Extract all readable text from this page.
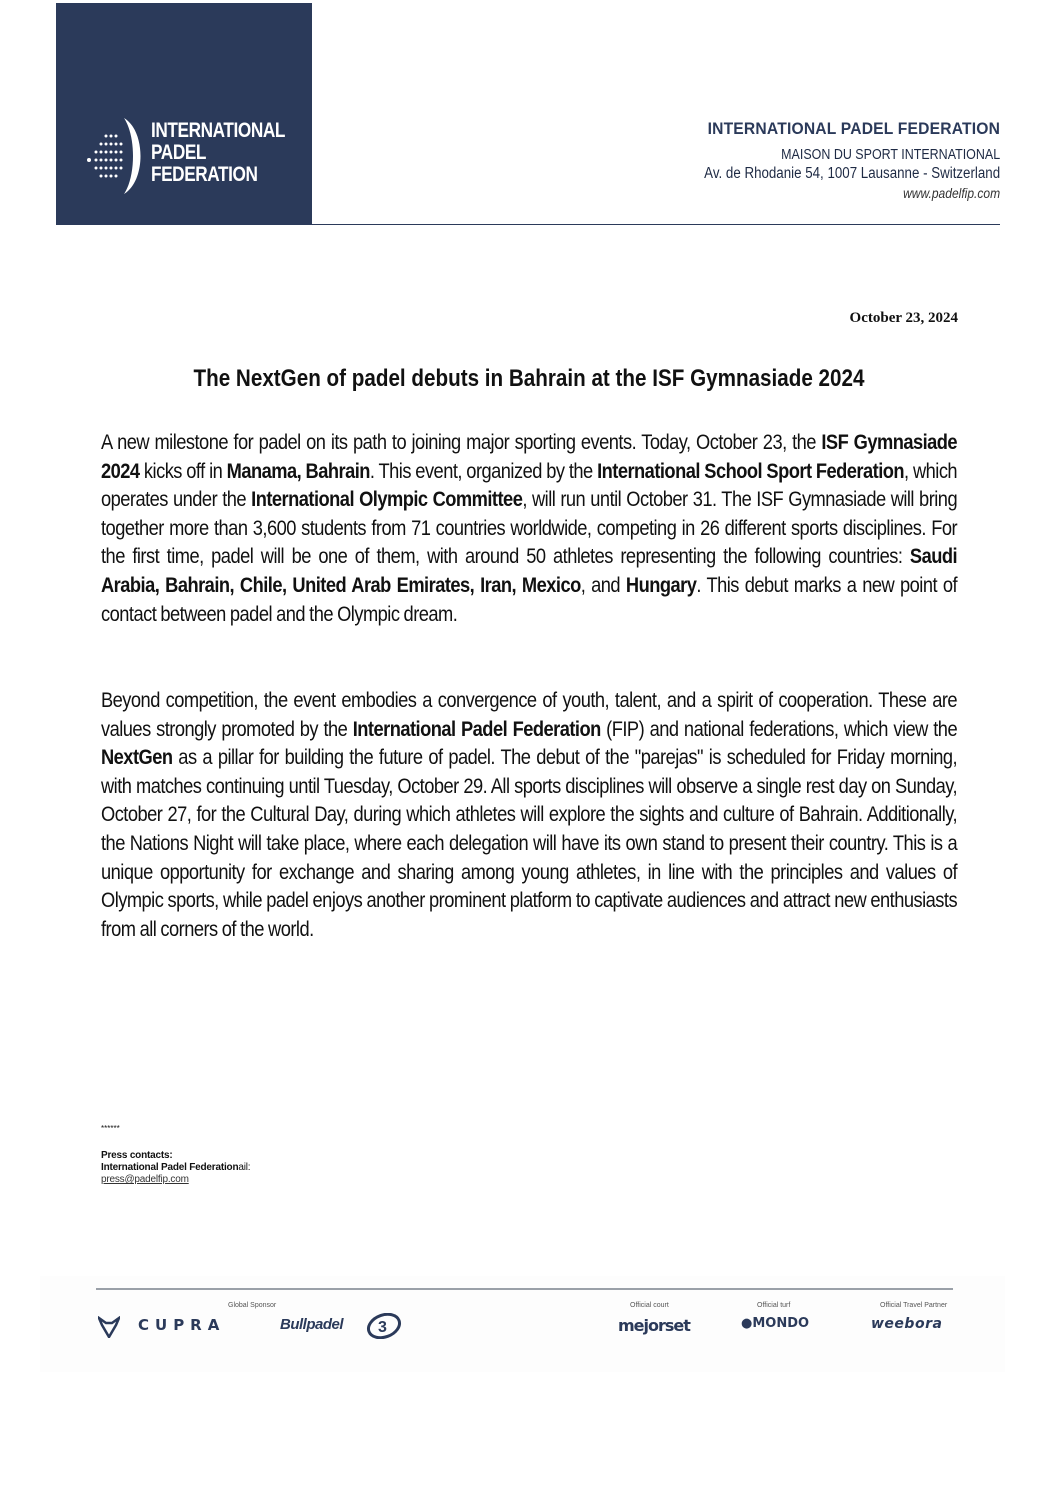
INTERNATIONAL
PADEL
FEDERATION
INTERNATIONAL PADEL FEDERATION
MAISON DU SPORT INTERNATIONAL
Av. de Rhodanie 54, 1007 Lausanne - Switzerland
www.padelfip.com
October 23, 2024
The NextGen of padel debuts in Bahrain at the ISF Gymnasiade 2024
A new milestone for padel on its path to joining major sporting events. Today, October 23, the ISF Gymnasiade 2024 kicks off in Manama, Bahrain. This event, organized by the International School Sport Federation, which operates under the International Olympic Committee, will run until October 31. The ISF Gymnasiade will bring together more than 3,600 students from 71 countries worldwide, competing in 26 different sports disciplines. For the first time, padel will be one of them, with around 50 athletes representing the following countries: Saudi Arabia, Bahrain, Chile, United Arab Emirates, Iran, Mexico, and Hungary. This debut marks a new point of contact between padel and the Olympic dream.
Beyond competition, the event embodies a convergence of youth, talent, and a spirit of cooperation. These are values strongly promoted by the International Padel Federation (FIP) and national federations, which view the NextGen as a pillar for building the future of padel. The debut of the "parejas" is scheduled for Friday morning, with matches continuing until Tuesday, October 29. All sports disciplines will observe a single rest day on Sunday, October 27, for the Cultural Day, during which athletes will explore the sights and culture of Bahrain. Additionally, the Nations Night will take place, where each delegation will have its own stand to present their country. This is a unique opportunity for exchange and sharing among young athletes, in line with the principles and values of Olympic sports, while padel enjoys another prominent platform to captivate audiences and attract new enthusiasts from all corners of the world.
******
Press contacts:
International Padel Federationail:
press@padelfip.com
Global Sponsor
CUPRA	Bullpadel 3
Official court
mejorset
Official turf
●MONDO
Official Travel Partner
weebora
